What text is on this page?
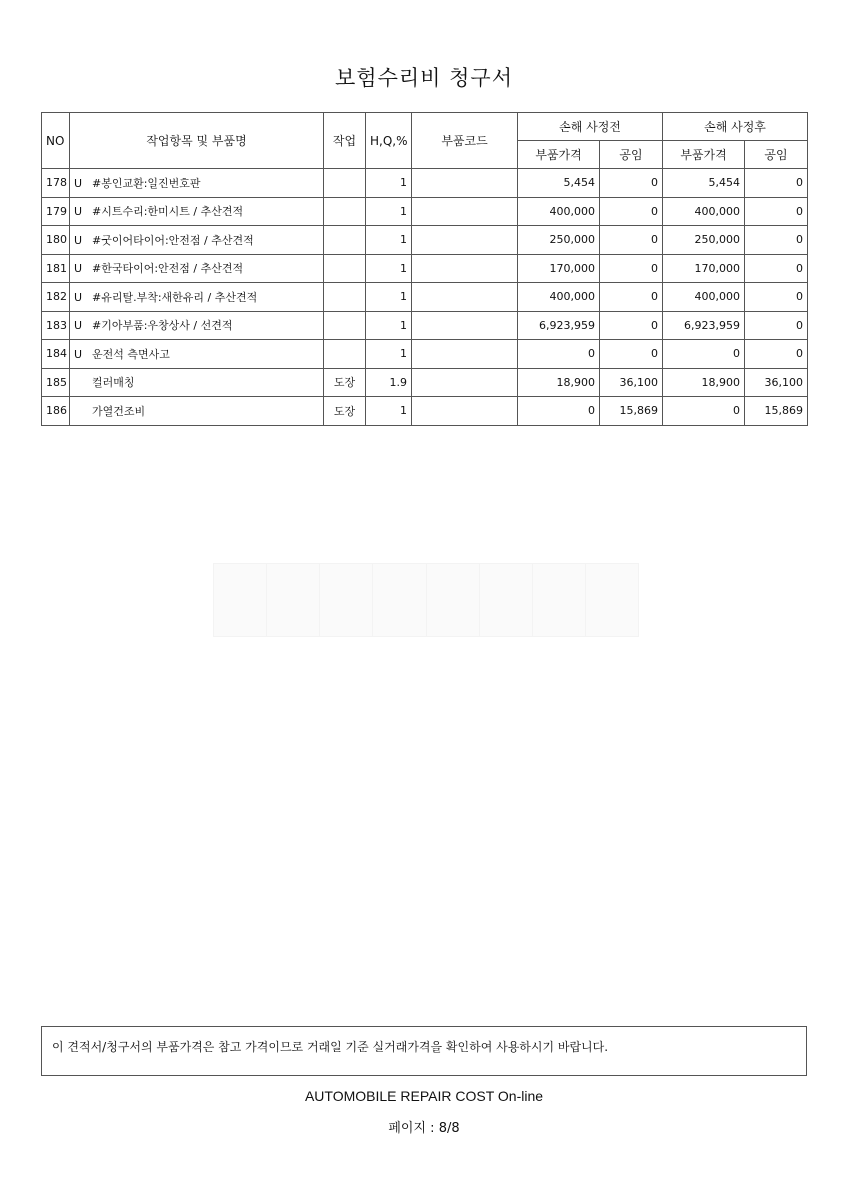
보험수리비 청구서
NO	작업항목 및 부품명	작업	H,Q,%	부품코드	손해 사정전		손해 사정후	
					부품가격	공임	부품가격	공임
178	U #봉인교환:일진번호판		1		5,454	0	5,454	0
179	U #시트수리:한미시트 / 추산견적		1		400,000	0	400,000	0
180	U #굿이어타이어:안전점 / 추산견적		1		250,000	0	250,000	0
181	U #한국타이어:안전점 / 추산견적		1		170,000	0	170,000	0
182	U #유리탈.부착:새한유리 / 추산견적		1		400,000	0	400,000	0
183	U #기아부품:우창상사 / 선견적		1		6,923,959	0	6,923,959	0
184	U 운전석 측면사고		1		0	0	0	0
185	컬러매칭	도장	1.9		18,900	36,100	18,900	36,100
186	가열건조비	도장	1		0	15,869	0	15,869
이 견적서/청구서의 부품가격은 참고 가격이므로 거래일 기준 실거래가격을 확인하여 사용하시기 바랍니다.
AUTOMOBILE REPAIR COST On-line
페이지 : 8/8
